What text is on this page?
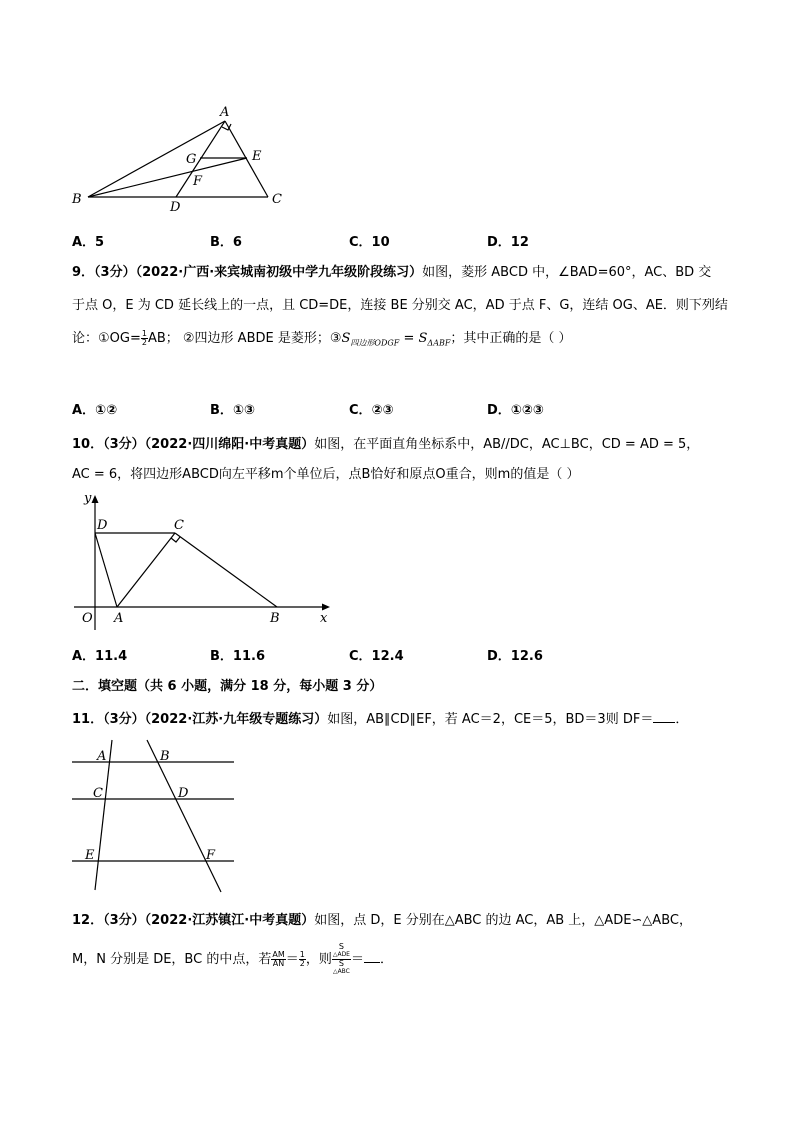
A
B	C
D
E
F
G
A．5	B．6	C．10	D．12
9．（3分）（2022·广西·来宾城南初级中学九年级阶段练习）如图，菱形 ABCD 中，∠BAD=60°，AC、BD 交
于点 O，E 为 CD 延长线上的一点，且 CD=DE，连接 BE 分别交 AC，AD 于点 F、G，连结 OG、AE．则下列结
论：①OG= $\frac{1}{2}$ AB； ②四边形 ABDE 是菱形；$③S_{四边形ODGF} = S_{\Delta ABF}$；其中正确的是（ ）
A．①②	B．①③	C．②③	D．①②③
10．（3分）（2022·四川绵阳·中考真题）如图，在平面直角坐标系中，AB//DC，AC⊥BC，CD = AD = 5，
AC = 6，将四边形ABCD向左平移m个单位后，点B恰好和原点O重合，则m的值是（ ）
y
x
O A	B
C
D
A．11.4	B．11.6	C．12.4	D．12.6
二．填空题（共 6 小题，满分 18 分，每小题 3 分）
11．（3分）（2022·江苏·九年级专题练习）如图，AB∥CD∥EF，若 AC＝2，CE＝5，BD＝3则 DF＝ ．
A	B
C	D
E	F
12．（3分）（2022·江苏镇江·中考真题）如图，点 D，E 分别在△ABC 的边 AC，AB 上，△ADE∽△ABC，
M，N 分别是 DE，BC 的中点，若 $\frac{AM}{AN} = \frac{1}{2}$ ，则 S
△ADE
S
△ABC ＝ ．
